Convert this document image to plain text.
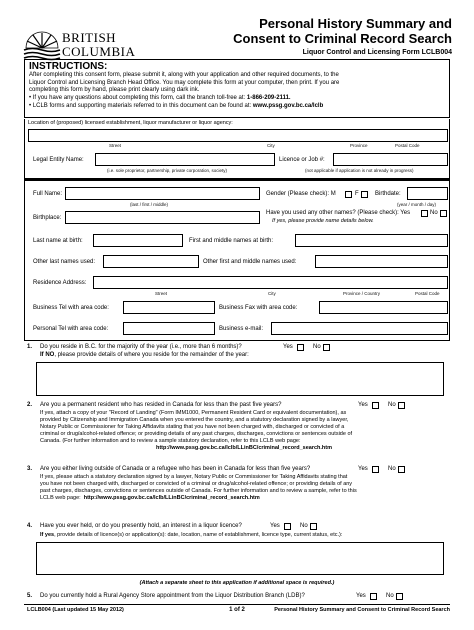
BRITISH
COLUMBIA
Personal History Summary and
Consent to Criminal Record Search
Liquor Control and Licensing Form LCLB004
INSTRUCTIONS:
After completing this consent form, please submit it, along with your application and other required documents, to the
Liquor Control and Licensing Branch Head Office. You may complete this form at your computer, then print. If you are
completing this form by hand, please print clearly using dark ink.
• If you have any questions about completing this form, call the branch toll-free at: 1-866-209-2111.
• LCLB forms and supporting materials referred to in this document can be found at: www.pssg.gov.bc.ca/lclb
Location of (proposed) licensed establishment, liquor manufacturer or liquor agency:
Street	City	Province	Postal Code
Legal Entity Name:
(i.e. sole proprietor, partnership, private corporation, society)
Licence or Job #:
(not applicable if application is not already in progress)
Full Name:
(last / first / middle)
Gender (Please check): M	F	Birthdate:
(year / month / day)
Birthplace:
Have you used any other names? (Please check): Yes	No
If yes, please provide name details below.
Last name at birth:	First and middle names at birth:
Other last names used:	Other first and middle names used:
Residence Address:
Street	City	Province / Country	Postal Code
Business Tel with area code:	Business Fax with area code:
Personal Tel with area code:	Business e-mail:
1. Do you reside in B.C. for the majority of the year (i.e., more than 6 months)?	Yes	No
If NO, please provide details of where you reside for the remainder of the year:
2. Are you a permanent resident who has resided in Canada for less than the past five years?	Yes	No
If yes, attach a copy of your "Record of Landing" (Form IMM1000, Permanent Resident Card or equivalent documentation), as
provided by Citizenship and Immigration Canada when you entered the country, and a statutory declaration signed by a lawyer,
Notary Public or Commissioner for Taking Affidavits stating that you have not been charged with, discharged or convicted of a
criminal or drug/alcohol-related offence; or providing details of any past charges, discharges, convictions or sentences outside of
Canada. (For further information and to review a sample statutory declaration, refer to this LCLB web page:
http://www.pssg.gov.bc.ca/lclb/LLinBC/criminal_record_search.htm
3. Are you either living outside of Canada or a refugee who has been in Canada for less than five years?	Yes	No
If yes, please attach a statutory declaration signed by a lawyer, Notary Public or Commissioner for Taking Affidavits stating that
you have not been charged with, discharged or convicted of a criminal or drug/alcohol-related offence; or providing details of any
past charges, discharges, convictions or sentences outside of Canada. For further information and to review a sample, refer to this
LCLB web page: http://www.pssg.gov.bc.ca/lclb/LLinBC/criminal_record_search.htm
4. Have you ever held, or do you presently hold, an interest in a liquor licence?	Yes	No
If yes, provide details of licence(s) or application(s): date, location, name of establishment, licence type, current status, etc.):
(Attach a separate sheet to this application if additional space is required.)
5. Do you currently hold a Rural Agency Store appointment from the Liquor Distribution Branch (LDB)?	Yes	No
LCLB004 (Last updated 15 May 2012)	1 of 2	Personal History Summary and Consent to Criminal Record Search
